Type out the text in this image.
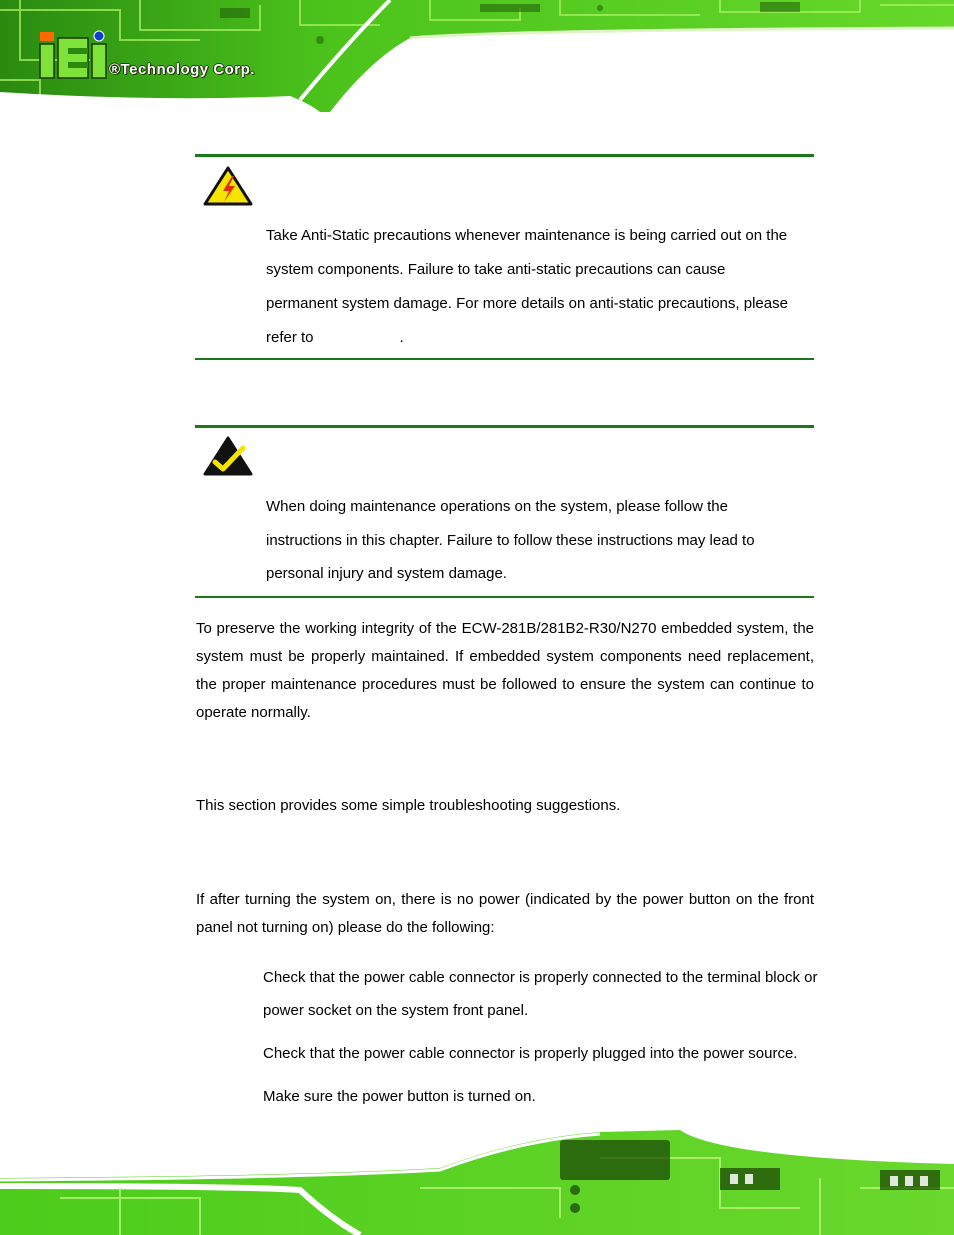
®Technology Corp.
Take Anti-Static precautions whenever maintenance is being carried out on the
system components. Failure to take anti-static precautions can cause
permanent system damage. For more details on anti-static precautions, please
refer to	.
When doing maintenance operations on the system, please follow the
instructions in this chapter. Failure to follow these instructions may lead to
personal injury and system damage.
To preserve the working integrity of the ECW-281B/281B2-R30/N270 embedded system, the system must be properly maintained. If embedded system components need replacement, the proper maintenance procedures must be followed to ensure the system can continue to operate normally.
This section provides some simple troubleshooting suggestions.
If after turning the system on, there is no power (indicated by the power button on the front panel not turning on) please do the following:
Check that the power cable connector is properly connected to the terminal block or power socket on the system front panel.
Check that the power cable connector is properly plugged into the power source.
Make sure the power button is turned on.
